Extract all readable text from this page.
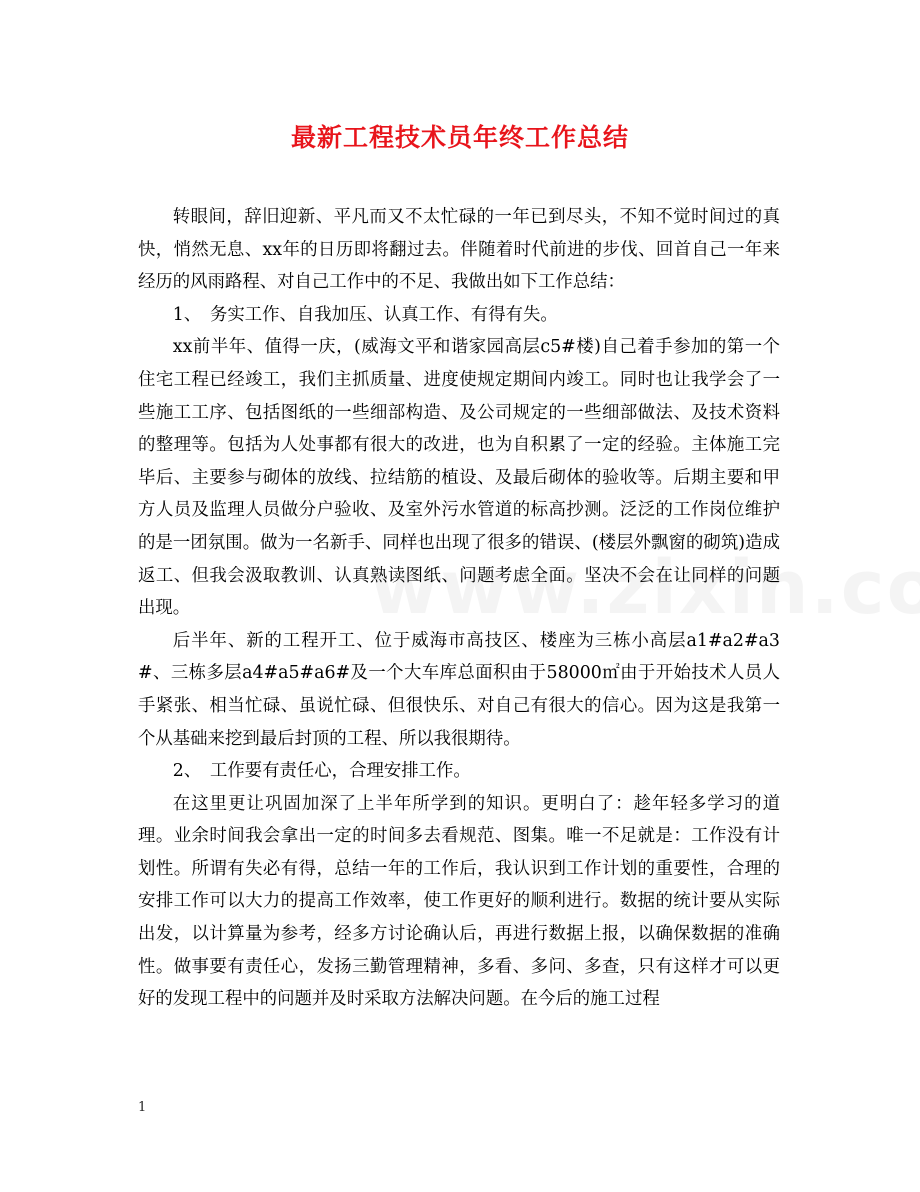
最新工程技术员年终工作总结

转眼间，辞旧迎新、平凡而又不太忙碌的一年已到尽头，不知不觉时间过的真快，悄然无息、xx年的日历即将翻过去。伴随着时代前进的步伐、回首自己一年来经历的风雨路程、对自己工作中的不足、我做出如下工作总结：

1、　务实工作、自我加压、认真工作、有得有失。

xx前半年、值得一庆，(威海文平和谐家园高层c5#楼)自己着手参加的第一个住宅工程已经竣工，我们主抓质量、进度使规定期间内竣工。同时也让我学会了一些施工工序、包括图纸的一些细部构造、及公司规定的一些细部做法、及技术资料的整理等。包括为人处事都有很大的改进，也为自积累了一定的经验。主体施工完毕后、主要参与砌体的放线、拉结筋的植设、及最后砌体的验收等。后期主要和甲方人员及监理人员做分户验收、及室外污水管道的标高抄测。泛泛的工作岗位维护的是一团氛围。做为一名新手、同样也出现了很多的错误、(楼层外飘窗的砌筑)造成返工、但我会汲取教训、认真熟读图纸、问题考虑全面。坚决不会在让同样的问题出现。

后半年、新的工程开工、位于威海市高技区、楼座为三栋小高层a1#a2#a3#、三栋多层a4#a5#a6#及一个大车库总面积由于58000㎡由于开始技术人员人手紧张、相当忙碌、虽说忙碌、但很快乐、对自己有很大的信心。因为这是我第一个从基础来挖到最后封顶的工程、所以我很期待。

2、　工作要有责任心，合理安排工作。

在这里更让巩固加深了上半年所学到的知识。更明白了：趁年轻多学习的道理。业余时间我会拿出一定的时间多去看规范、图集。唯一不足就是：工作没有计划性。所谓有失必有得，总结一年的工作后，我认识到工作计划的重要性，合理的安排工作可以大力的提高工作效率，使工作更好的顺利进行。数据的统计要从实际出发，以计算量为参考，经多方讨论确认后，再进行数据上报，以确保数据的准确性。做事要有责任心，发扬三勤管理精神，多看、多问、多查，只有这样才可以更好的发现工程中的问题并及时采取方法解决问题。在今后的施工过程

1
